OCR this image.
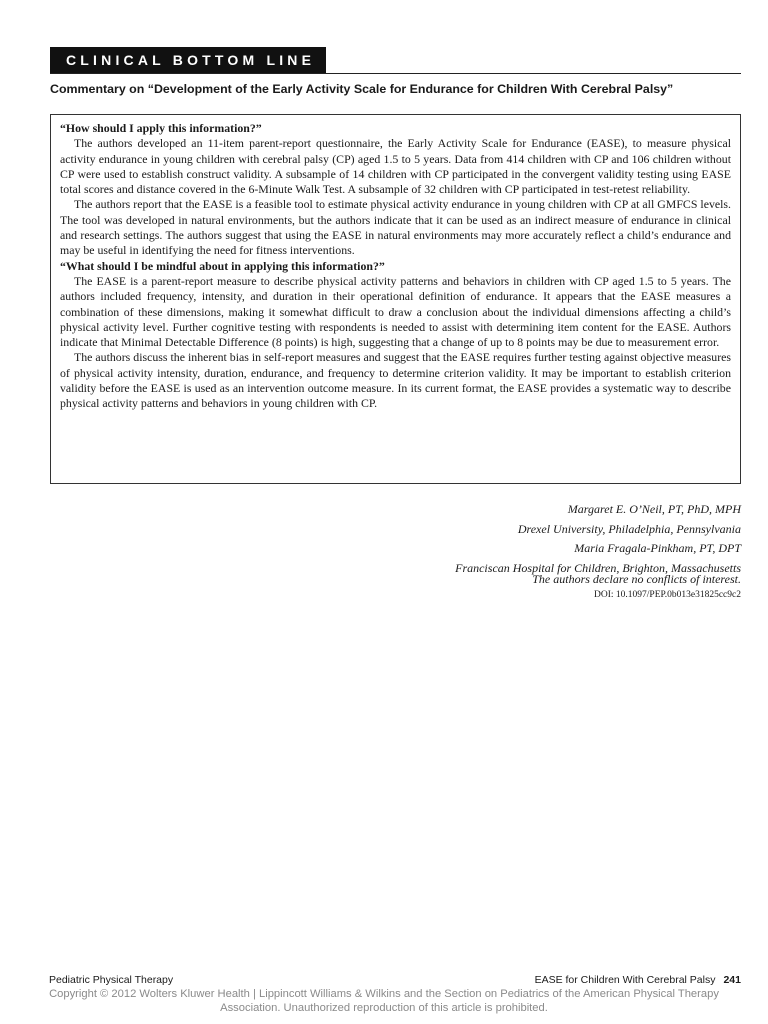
CLINICAL BOTTOM LINE
Commentary on “Development of the Early Activity Scale for Endurance for Children With Cerebral Palsy”
“How should I apply this information?”

The authors developed an 11-item parent-report questionnaire, the Early Activity Scale for Endurance (EASE), to measure physical activity endurance in young children with cerebral palsy (CP) aged 1.5 to 5 years. Data from 414 children with CP and 106 children without CP were used to establish construct validity. A subsample of 14 children with CP participated in the convergent validity testing using EASE total scores and distance covered in the 6-Minute Walk Test. A subsample of 32 children with CP participated in test-retest reliability.

The authors report that the EASE is a feasible tool to estimate physical activity endurance in young children with CP at all GMFCS levels. The tool was developed in natural environments, but the authors indicate that it can be used as an indirect measure of endurance in clinical and research settings. The authors suggest that using the EASE in natural environments may more accurately reflect a child’s endurance and may be useful in identifying the need for fitness interventions.

“What should I be mindful about in applying this information?”

The EASE is a parent-report measure to describe physical activity patterns and behaviors in children with CP aged 1.5 to 5 years. The authors included frequency, intensity, and duration in their operational definition of endurance. It appears that the EASE measures a combination of these dimensions, making it somewhat difficult to draw a conclusion about the individual dimensions affecting a child’s physical activity level. Further cognitive testing with respondents is needed to assist with determining item content for the EASE. Authors indicate that Minimal Detectable Difference (8 points) is high, suggesting that a change of up to 8 points may be due to measurement error.

The authors discuss the inherent bias in self-report measures and suggest that the EASE requires further testing against objective measures of physical activity intensity, duration, endurance, and frequency to determine criterion validity. It may be important to establish criterion validity before the EASE is used as an intervention outcome measure. In its current format, the EASE provides a systematic way to describe physical activity patterns and behaviors in young children with CP.

Margaret E. O’Neil, PT, PhD, MPH
Drexel University, Philadelphia, Pennsylvania
Maria Fragala-Pinkham, PT, DPT
Franciscan Hospital for Children, Brighton, Massachusetts
The authors declare no conflicts of interest.
DOI: 10.1097/PEP.0b013e31825cc9c2
Pediatric Physical Therapy	EASE for Children With Cerebral Palsy 241
Copyright © 2012 Wolters Kluwer Health | Lippincott Williams & Wilkins and the Section on Pediatrics of the American Physical Therapy
Association. Unauthorized reproduction of this article is prohibited.
